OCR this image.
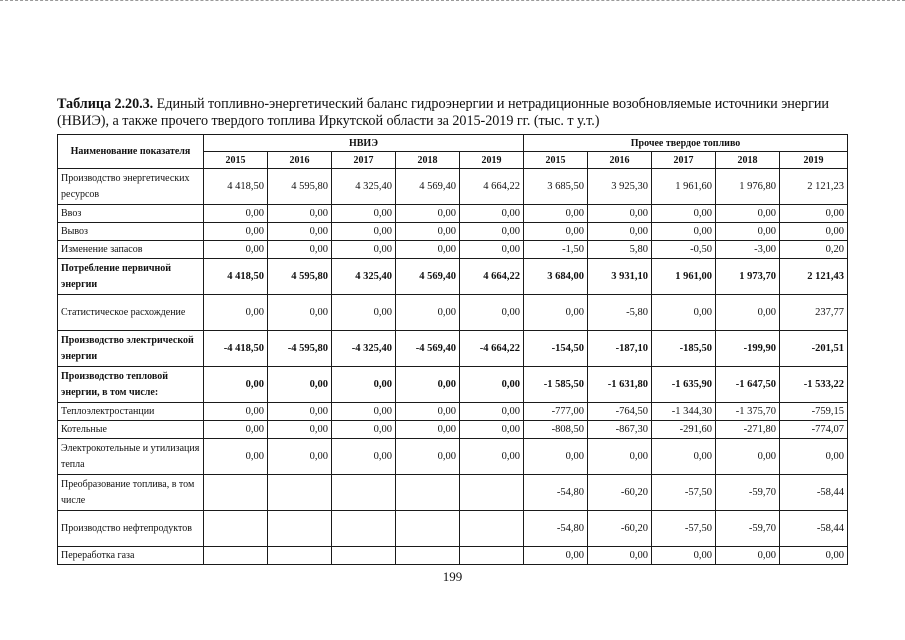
Таблица 2.20.3. Единый топливно-энергетический баланс гидроэнергии и нетрадиционные возобновляемые источники энергии (НВИЭ), а также прочего твердого топлива Иркутской области за 2015-2019 гг. (тыс. т у.т.)
Наименование показателя	НВИЭ					Прочее твердое топливо				
	2015	2016	2017	2018	2019	2015	2016	2017	2018	2019
Производство энергетических ресурсов	4 418,50	4 595,80	4 325,40	4 569,40	4 664,22	3 685,50	3 925,30	1 961,60	1 976,80	2 121,23
Ввоз	0,00	0,00	0,00	0,00	0,00	0,00	0,00	0,00	0,00	0,00
Вывоз	0,00	0,00	0,00	0,00	0,00	0,00	0,00	0,00	0,00	0,00
Изменение запасов	0,00	0,00	0,00	0,00	0,00	-1,50	5,80	-0,50	-3,00	0,20
Потребление первичной энергии	4 418,50	4 595,80	4 325,40	4 569,40	4 664,22	3 684,00	3 931,10	1 961,00	1 973,70	2 121,43
Статистическое расхождение	0,00	0,00	0,00	0,00	0,00	0,00	-5,80	0,00	0,00	237,77
Производство электрической энергии	-4 418,50	-4 595,80	-4 325,40	-4 569,40	-4 664,22	-154,50	-187,10	-185,50	-199,90	-201,51
Производство тепловой энергии, в том числе:	0,00	0,00	0,00	0,00	0,00	-1 585,50	-1 631,80	-1 635,90	-1 647,50	-1 533,22
Теплоэлектростанции	0,00	0,00	0,00	0,00	0,00	-777,00	-764,50	-1 344,30	-1 375,70	-759,15
Котельные	0,00	0,00	0,00	0,00	0,00	-808,50	-867,30	-291,60	-271,80	-774,07
Электрокотельные и утилизация тепла	0,00	0,00	0,00	0,00	0,00	0,00	0,00	0,00	0,00	0,00
Преобразование топлива, в том числе						-54,80	-60,20	-57,50	-59,70	-58,44
Производство нефтепродуктов						-54,80	-60,20	-57,50	-59,70	-58,44
Переработка газа						0,00	0,00	0,00	0,00	0,00
199
